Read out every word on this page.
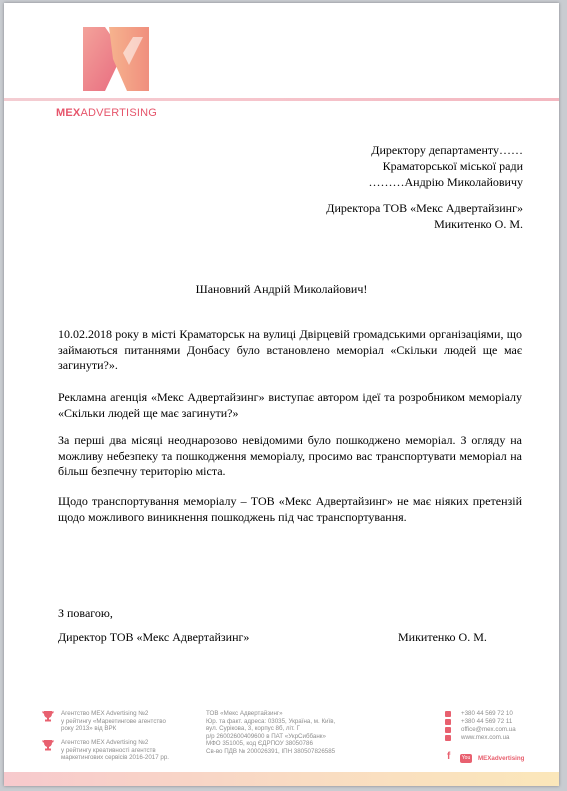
MEXADVERTISING
Директору департаменту……
Краматорської міської ради
………Андрію Миколайовичу
Директора ТОВ «Мекс Адвертайзинг»
Микитенко О. М.
Шановний Андрій Миколайович!
10.02.2018 року в місті Краматорськ на вулиці Двірцевій громадськими організаціями, що займаються питаннями Донбасу було встановлено меморіал «Скільки людей ще має загинути?».
Рекламна агенція «Мекс Адвертайзинг» виступає автором ідеї та розробником меморіалу «Скільки людей ще має загинути?»
За перші два місяці неоднарозово невідомими було пошкоджено меморіал. З огляду на можливу небезпеку та пошкодження меморіалу, просимо вас транспортувати меморіал на більш безпечну територію міста.
Щодо транспортування меморіалу – ТОВ «Мекс Адвертайзинг» не має ніяких претензій щодо можливого виникнення пошкоджень під час транспортування.
З повагою,
Директор ТОВ «Мекс Адвертайзинг»	Микитенко О. М.
Агентство MEX Advertising №2
у рейтингу «Маркетингове агентство
року 2013» від ВРК
Агентство MEX Advertising №2
у рейтингу креативності агентств
маркетингових сервісів 2016-2017 рр.
ТОВ «Мекс Адвертайзинг»
Юр. та факт. адреса: 03035, Україна, м. Київ,
вул. Сурікова, 3, корпус 8б, літ. Г
р/р 26002600409600 в ПАТ «УкрСиббанк»
МФО 351005, код ЄДРПОУ 38050786
Св-во ПДВ № 200026391, ІПН 380507826585
+380 44 569 72 10
+380 44 569 72 11
office@mex.com.ua
www.mex.com.ua
f	You MEXadvertising
